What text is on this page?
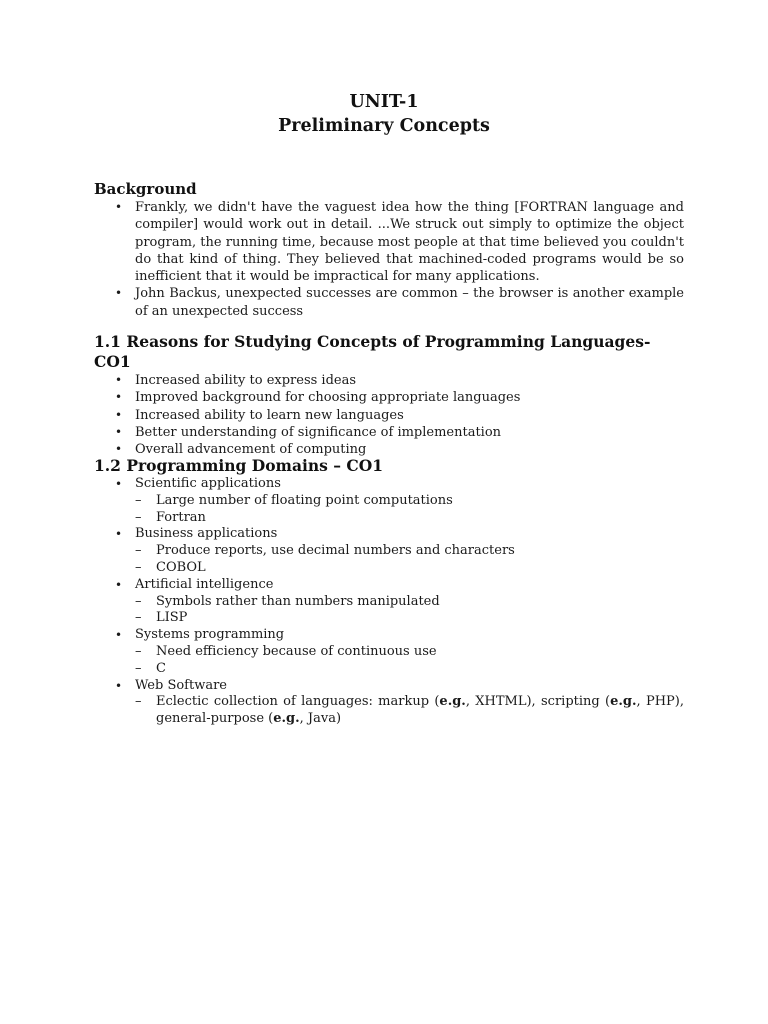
UNIT-1
Preliminary Concepts
Background
• Frankly, we didn't have the vaguest idea how the thing [FORTRAN language and compiler] would work out in detail. ...We struck out simply to optimize the object program, the running time, because most people at that time believed you couldn't do that kind of thing. They believed that machined-coded programs would be so inefficient that it would be impractical for many applications.
• John Backus, unexpected successes are common – the browser is another example of an unexpected success
1.1 Reasons for Studying Concepts of Programming Languages- CO1
• Increased ability to express ideas
• Improved background for choosing appropriate languages
• Increased ability to learn new languages
• Better understanding of significance of implementation
• Overall advancement of computing
1.2 Programming Domains – CO1
• Scientific applications
– Large number of floating point computations
– Fortran
• Business applications
– Produce reports, use decimal numbers and characters
– COBOL
• Artificial intelligence
– Symbols rather than numbers manipulated
– LISP
• Systems programming
– Need efficiency because of continuous use
– C
• Web Software
– Eclectic collection of languages: markup (e.g., XHTML), scripting (e.g., PHP), general-purpose (e.g., Java)
